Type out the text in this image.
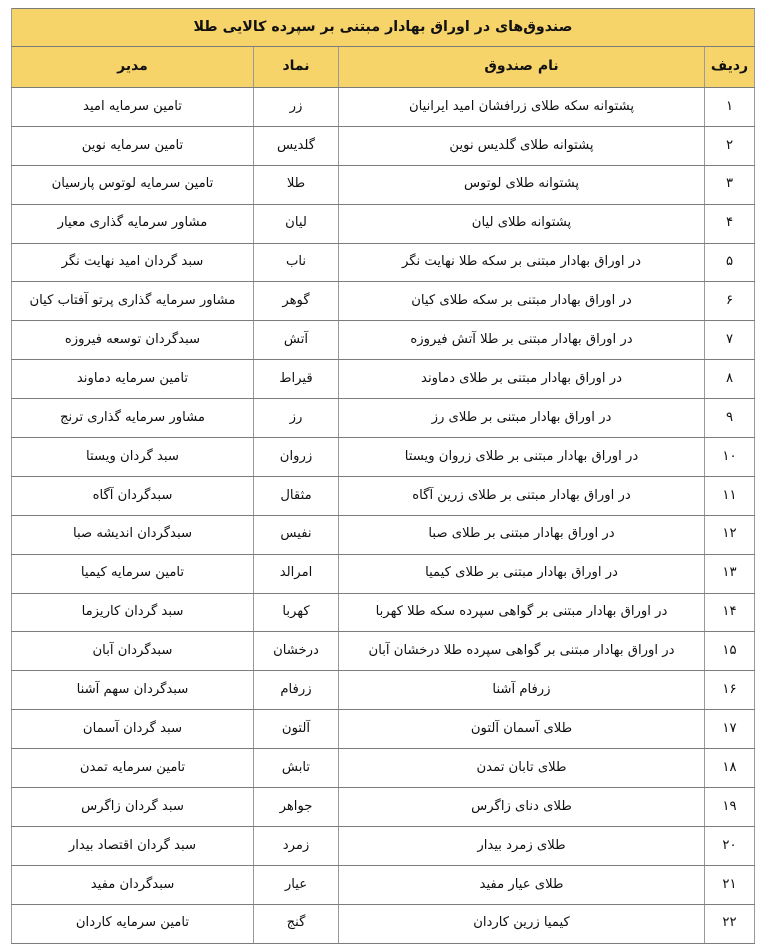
صندوق‌های در اوراق بهادار مبتنی بر سپرده کالایی طلا			
ردیف	نام صندوق	نماد	مدیر
۱	پشتوانه سکه طلای زرافشان امید ایرانیان	زر	تامین سرمایه امید
۲	پشتوانه طلای گلدیس نوین	گلدیس	تامین سرمایه نوین
۳	پشتوانه طلای لوتوس	طلا	تامین سرمایه لوتوس پارسیان
۴	پشتوانه طلای لیان	لیان	مشاور سرمایه گذاری معیار
۵	در اوراق بهادار مبتنی بر سکه طلا نهایت نگر	ناب	سبد گردان امید نهایت نگر
۶	در اوراق بهادار مبتنی بر سکه طلای کیان	گوهر	مشاور سرمایه گذاری پرتو آفتاب کیان
۷	در اوراق بهادار مبتنی بر طلا آتش فیروزه	آتش	سبدگردان توسعه فیروزه
۸	در اوراق بهادار مبتنی بر طلای دماوند	قیراط	تامین سرمایه دماوند
۹	در اوراق بهادار مبتنی بر طلای رز	رز	مشاور سرمایه گذاری ترنج
۱۰	در اوراق بهادار مبتنی بر طلای زروان ویستا	زروان	سبد گردان ویستا
۱۱	در اوراق بهادار مبتنی بر طلای زرین آگاه	مثقال	سبدگردان آگاه
۱۲	در اوراق بهادار مبتنی بر طلای صبا	نفیس	سبدگردان اندیشه صبا
۱۳	در اوراق بهادار مبتنی بر طلای کیمیا	امرالد	تامین سرمایه کیمیا
۱۴	در اوراق بهادار مبتنی بر گواهی سپرده سکه طلا کهربا	کهربا	سبد گردان کاریزما
۱۵	در اوراق بهادار مبتنی بر گواهی سپرده طلا درخشان آبان	درخشان	سبدگردان آبان
۱۶	زرفام آشنا	زرفام	سبدگردان سهم آشنا
۱۷	طلای آسمان آلتون	آلتون	سبد گردان آسمان
۱۸	طلای تابان تمدن	تابش	تامین سرمایه تمدن
۱۹	طلای دنای زاگرس	جواهر	سبد گردان زاگرس
۲۰	طلای زمرد بیدار	زمرد	سبد گردان اقتصاد بیدار
۲۱	طلای عیار مفید	عیار	سبدگردان مفید
۲۲	کیمیا زرین کاردان	گنج	تامین سرمایه کاردان
